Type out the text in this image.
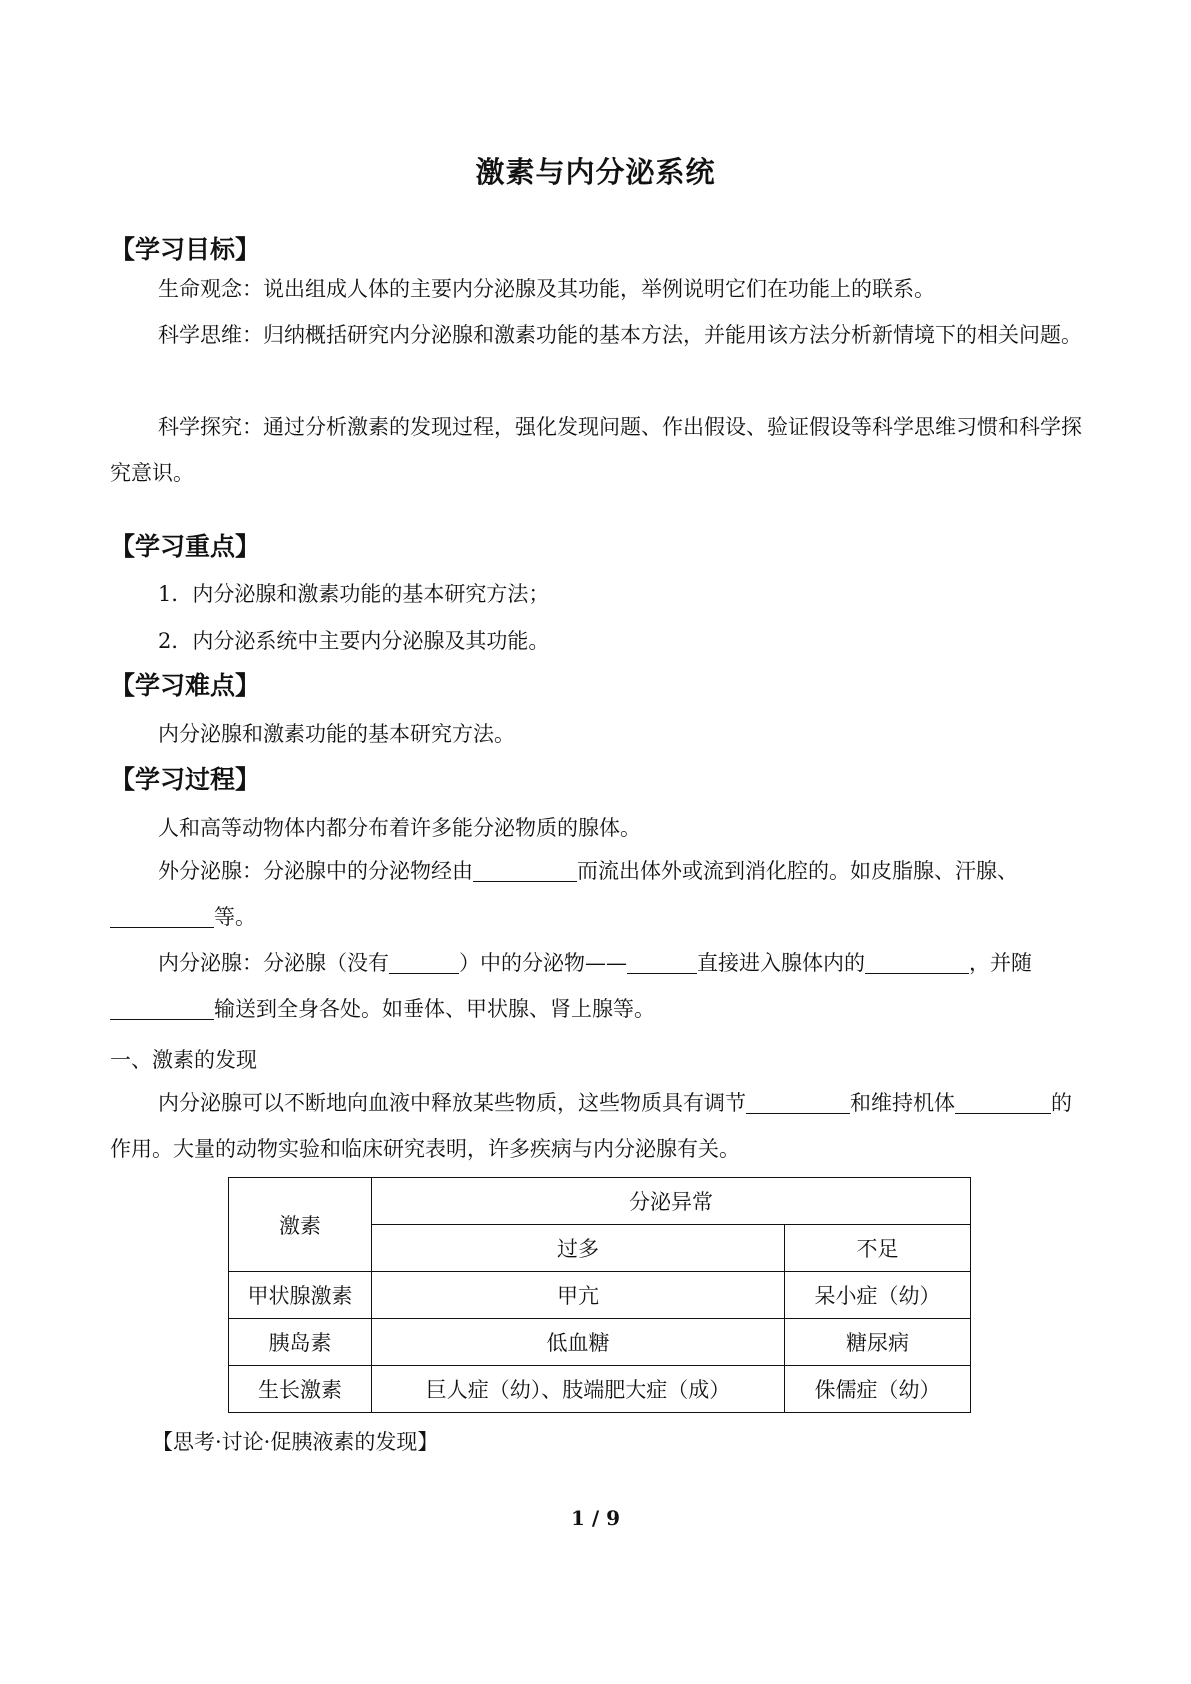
激素与内分泌系统
【学习目标】
生命观念：说出组成人体的主要内分泌腺及其功能，举例说明它们在功能上的联系。
科学思维：归纳概括研究内分泌腺和激素功能的基本方法，并能用该方法分析新情境下的相关问题。
科学探究：通过分析激素的发现过程，强化发现问题、作出假设、验证假设等科学思维习惯和科学探究意识。
【学习重点】
1．内分泌腺和激素功能的基本研究方法；
2．内分泌系统中主要内分泌腺及其功能。
【学习难点】
内分泌腺和激素功能的基本研究方法。
【学习过程】
人和高等动物体内都分布着许多能分泌物质的腺体。
外分泌腺：分泌腺中的分泌物经由	而流出体外或流到消化腔的。如皮脂腺、汗腺、等。
内分泌腺：分泌腺（没有	）中的分泌物——	直接进入腺体内的	，并随输送到全身各处。如垂体、甲状腺、肾上腺等。
一、激素的发现
内分泌腺可以不断地向血液中释放某些物质，这些物质具有调节	和维持机体	的作用。大量的动物实验和临床研究表明，许多疾病与内分泌腺有关。
激素	分泌异常	
	过多	不足
甲状腺激素	甲亢	呆小症（幼）
胰岛素	低血糖	糖尿病
生长激素	巨人症（幼）、肢端肥大症（成）	侏儒症（幼）
【思考·讨论·促胰液素的发现】
1 / 9
